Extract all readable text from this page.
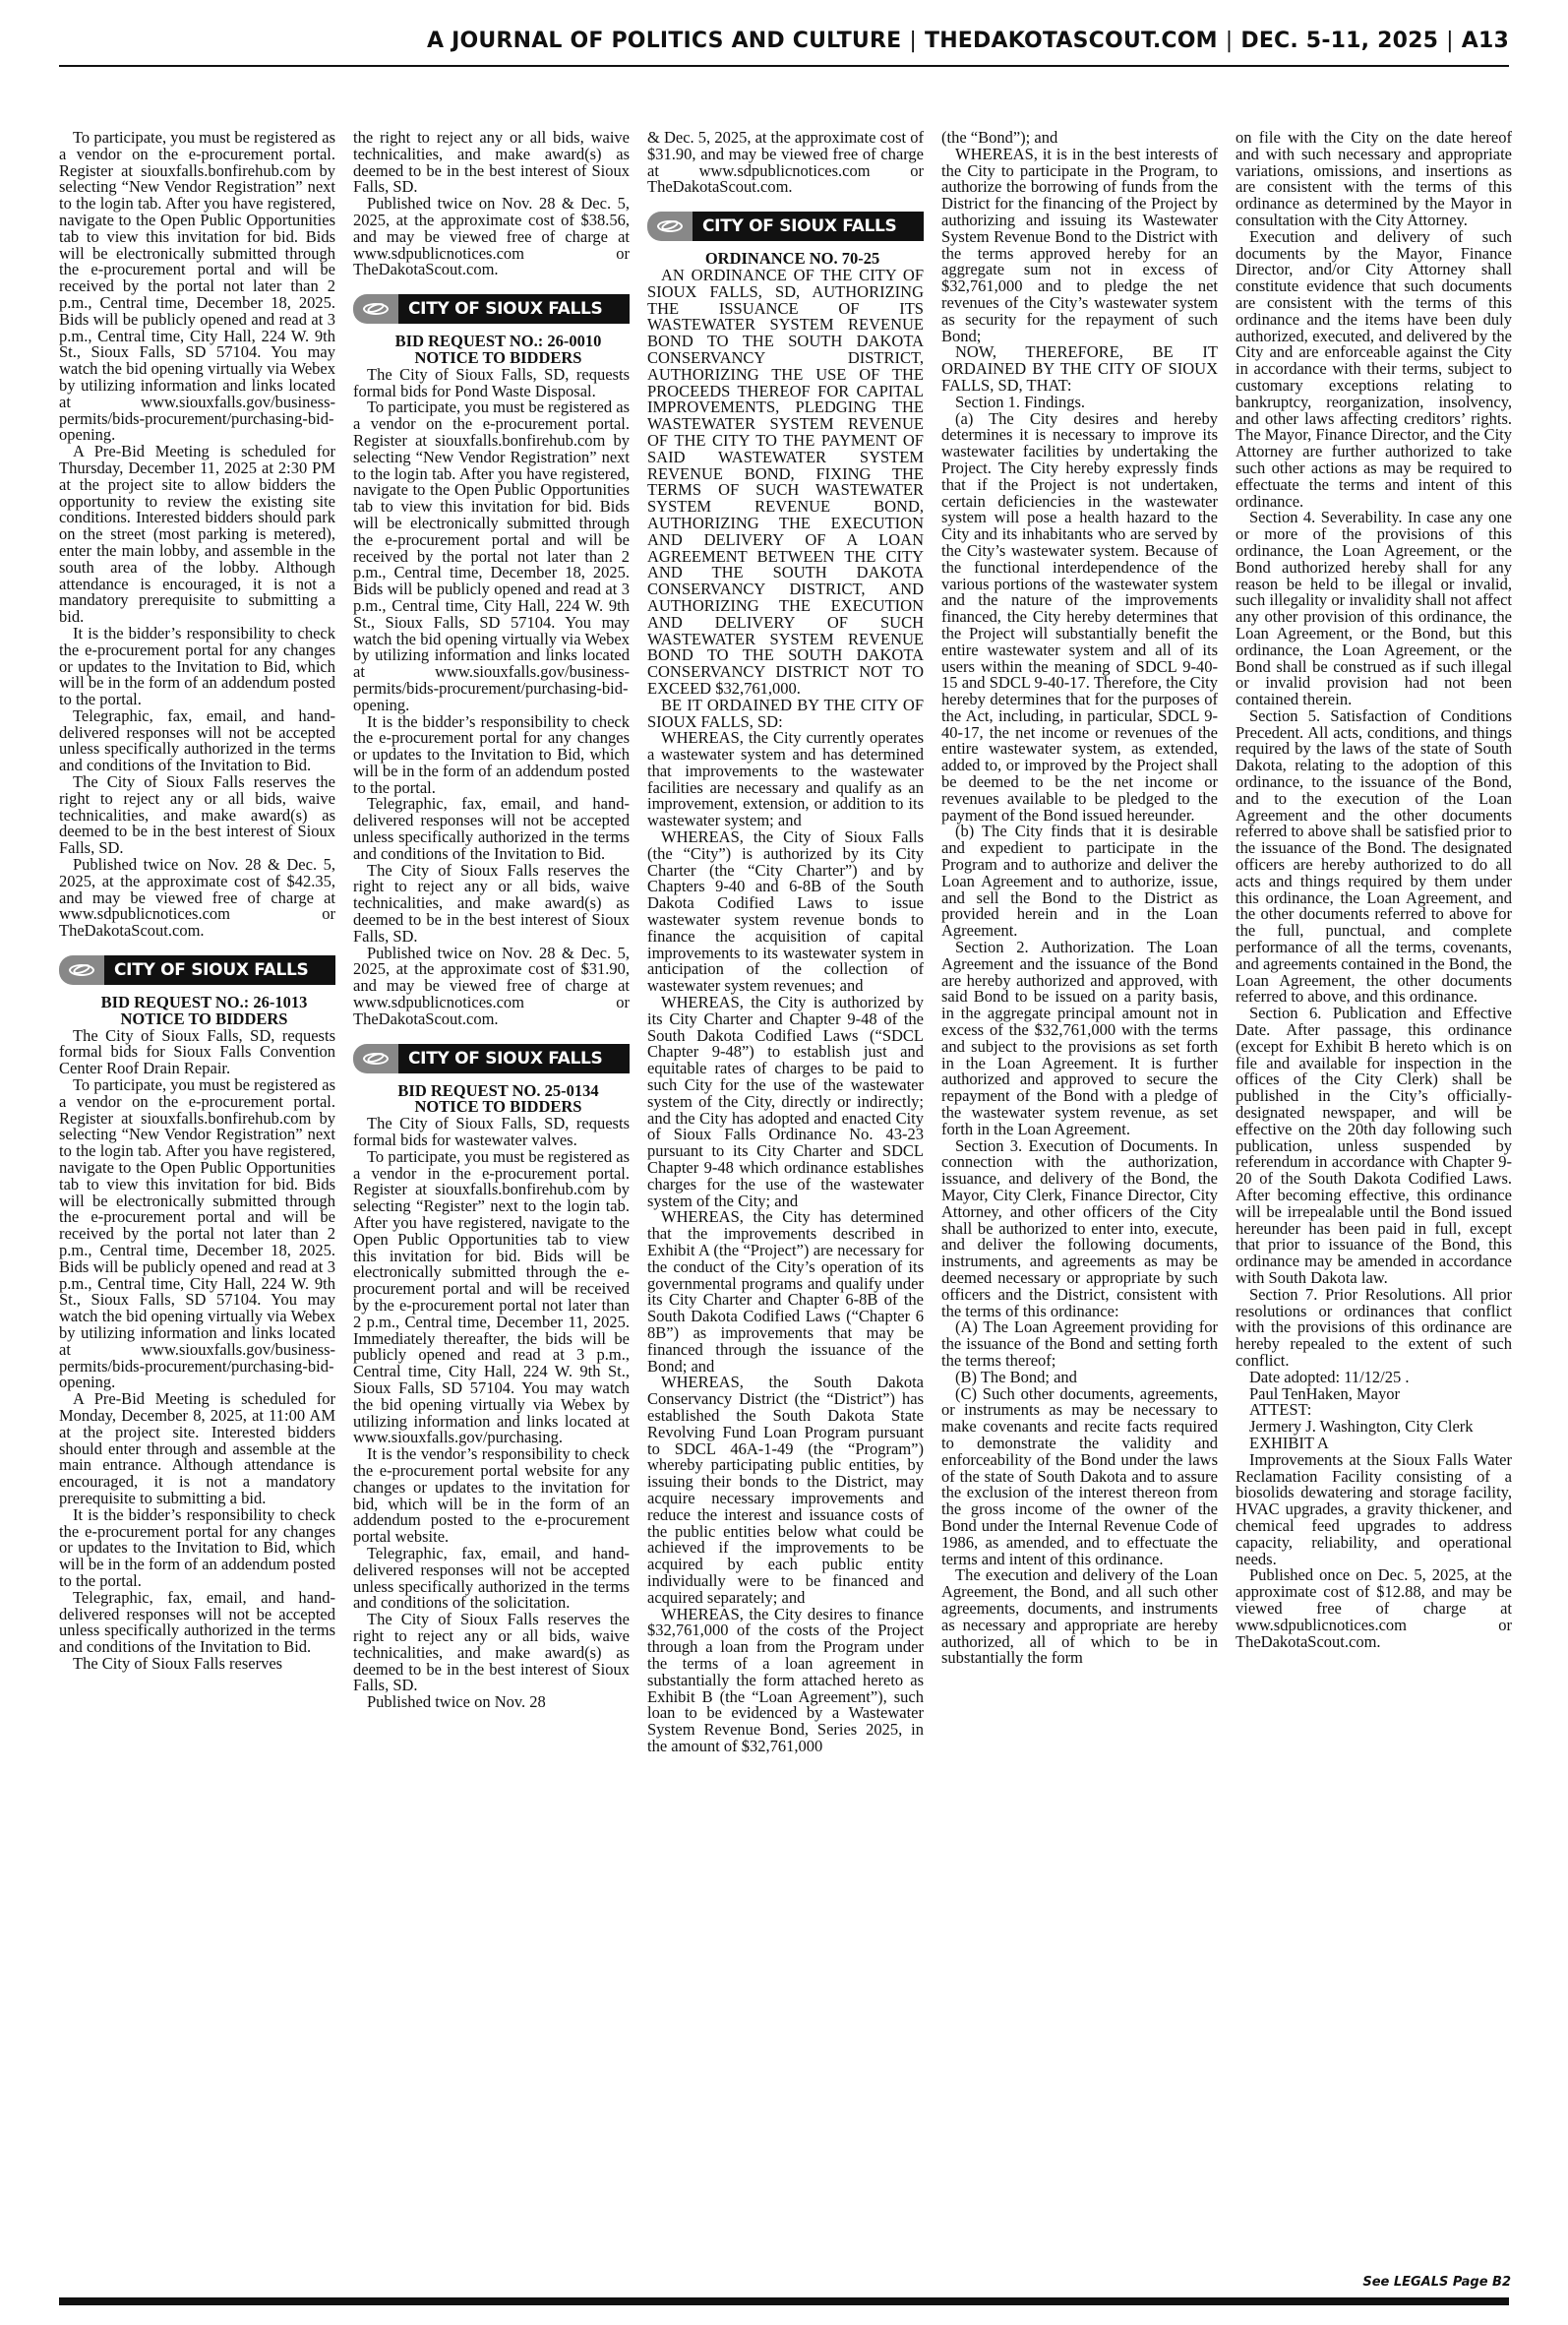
A JOURNAL OF POLITICS AND CULTURE | THEDAKOTASCOUT.COM | DEC. 5-11, 2025 | A13

To participate, you must be registered as a vendor on the e-procurement portal. Register at siouxfalls.bonfirehub.com by selecting “New Vendor Registration” next to the login tab. After you have registered, navigate to the Open Public Opportunities tab to view this invitation for bid. Bids will be electronically submitted through the e-procurement portal and will be received by the portal not later than 2 p.m., Central time, December 18, 2025. Bids will be publicly opened and read at 3 p.m., Central time, City Hall, 224 W. 9th St., Sioux Falls, SD 57104. You may watch the bid opening virtually via Webex by utilizing information and links located at www.siouxfalls.gov/business-permits/bids-procurement/purchasing-bid-opening.

A Pre-Bid Meeting is scheduled for Thursday, December 11, 2025 at 2:30 PM at the project site to allow bidders the opportunity to review the existing site conditions. Interested bidders should park on the street (most parking is metered), enter the main lobby, and assemble in the south area of the lobby. Although attendance is encouraged, it is not a mandatory prerequisite to submitting a bid.

It is the bidder’s responsibility to check the e-procurement portal for any changes or updates to the Invitation to Bid, which will be in the form of an addendum posted to the portal.

Telegraphic, fax, email, and hand-delivered responses will not be accepted unless specifically authorized in the terms and conditions of the Invitation to Bid.

The City of Sioux Falls reserves the right to reject any or all bids, waive technicalities, and make award(s) as deemed to be in the best interest of Sioux Falls, SD.

Published twice on Nov. 28 & Dec. 5, 2025, at the approximate cost of $42.35, and may be viewed free of charge at www.sdpublicnotices.com or TheDakotaScout.com.

CITY OF SIOUX FALLS

BID REQUEST NO.: 26-1013

NOTICE TO BIDDERS

The City of Sioux Falls, SD, requests formal bids for Sioux Falls Convention Center Roof Drain Repair.

To participate, you must be registered as a vendor on the e-procurement portal. Register at siouxfalls.bonfirehub.com by selecting “New Vendor Registration” next to the login tab. After you have registered, navigate to the Open Public Opportunities tab to view this invitation for bid. Bids will be electronically submitted through the e-procurement portal and will be received by the portal not later than 2 p.m., Central time, December 18, 2025. Bids will be publicly opened and read at 3 p.m., Central time, City Hall, 224 W. 9th St., Sioux Falls, SD 57104. You may watch the bid opening virtually via Webex by utilizing information and links located at www.siouxfalls.gov/business-permits/bids-procurement/purchasing-bid-opening.

A Pre-Bid Meeting is scheduled for Monday, December 8, 2025, at 11:00 AM at the project site. Interested bidders should enter through and assemble at the main entrance. Although attendance is encouraged, it is not a mandatory prerequisite to submitting a bid.

It is the bidder’s responsibility to check the e-procurement portal for any changes or updates to the Invitation to Bid, which will be in the form of an addendum posted to the portal.

Telegraphic, fax, email, and hand-delivered responses will not be accepted unless specifically authorized in the terms and conditions of the Invitation to Bid.

The City of Sioux Falls reserves

the right to reject any or all bids, waive technicalities, and make award(s) as deemed to be in the best interest of Sioux Falls, SD.

Published twice on Nov. 28 & Dec. 5, 2025, at the approximate cost of $38.56, and may be viewed free of charge at www.sdpublicnotices.com or TheDakotaScout.com.

CITY OF SIOUX FALLS

BID REQUEST NO.: 26-0010

NOTICE TO BIDDERS

The City of Sioux Falls, SD, requests formal bids for Pond Waste Disposal.

To participate, you must be registered as a vendor on the e-procurement portal. Register at siouxfalls.bonfirehub.com by selecting “New Vendor Registration” next to the login tab. After you have registered, navigate to the Open Public Opportunities tab to view this invitation for bid. Bids will be electronically submitted through the e-procurement portal and will be received by the portal not later than 2 p.m., Central time, December 18, 2025. Bids will be publicly opened and read at 3 p.m., Central time, City Hall, 224 W. 9th St., Sioux Falls, SD 57104. You may watch the bid opening virtually via Webex by utilizing information and links located at www.siouxfalls.gov/business-permits/bids-procurement/purchasing-bid-opening.

It is the bidder’s responsibility to check the e-procurement portal for any changes or updates to the Invitation to Bid, which will be in the form of an addendum posted to the portal.

Telegraphic, fax, email, and hand-delivered responses will not be accepted unless specifically authorized in the terms and conditions of the Invitation to Bid.

The City of Sioux Falls reserves the right to reject any or all bids, waive technicalities, and make award(s) as deemed to be in the best interest of Sioux Falls, SD.

Published twice on Nov. 28 & Dec. 5, 2025, at the approximate cost of $31.90, and may be viewed free of charge at www.sdpublicnotices.com or TheDakotaScout.com.

CITY OF SIOUX FALLS

BID REQUEST NO. 25-0134

NOTICE TO BIDDERS

The City of Sioux Falls, SD, requests formal bids for wastewater valves.

To participate, you must be registered as a vendor in the e-procurement portal. Register at siouxfalls.bonfirehub.com by selecting “Register” next to the login tab. After you have registered, navigate to the Open Public Opportunities tab to view this invitation for bid. Bids will be electronically submitted through the e-procurement portal and will be received by the e-procurement portal not later than 2 p.m., Central time, December 11, 2025. Immediately thereafter, the bids will be publicly opened and read at 3 p.m., Central time, City Hall, 224 W. 9th St., Sioux Falls, SD 57104. You may watch the bid opening virtually via Webex by utilizing information and links located at www.siouxfalls.gov/purchasing.

It is the vendor’s responsibility to check the e-procurement portal website for any changes or updates to the invitation for bid, which will be in the form of an addendum posted to the e-procurement portal website.

Telegraphic, fax, email, and hand-delivered responses will not be accepted unless specifically authorized in the terms and conditions of the solicitation.

The City of Sioux Falls reserves the right to reject any or all bids, waive technicalities, and make award(s) as deemed to be in the best interest of Sioux Falls, SD.

Published twice on Nov. 28

& Dec. 5, 2025, at the approximate cost of $31.90, and may be viewed free of charge at www.sdpublicnotices.com or TheDakotaScout.com.

CITY OF SIOUX FALLS

ORDINANCE NO. 70-25

AN ORDINANCE OF THE CITY OF SIOUX FALLS, SD, AUTHORIZING THE ISSUANCE OF ITS WASTEWATER SYSTEM REVENUE BOND TO THE SOUTH DAKOTA CONSERVANCY DISTRICT, AUTHORIZING THE USE OF THE PROCEEDS THEREOF FOR CAPITAL IMPROVEMENTS, PLEDGING THE WASTEWATER SYSTEM REVENUE OF THE CITY TO THE PAYMENT OF SAID WASTEWATER SYSTEM REVENUE BOND, FIXING THE TERMS OF SUCH WASTEWATER SYSTEM REVENUE BOND, AUTHORIZING THE EXECUTION AND DELIVERY OF A LOAN AGREEMENT BETWEEN THE CITY AND THE SOUTH DAKOTA CONSERVANCY DISTRICT, AND AUTHORIZING THE EXECUTION AND DELIVERY OF SUCH WASTEWATER SYSTEM REVENUE BOND TO THE SOUTH DAKOTA CONSERVANCY DISTRICT NOT TO EXCEED $32,761,000.

BE IT ORDAINED BY THE CITY OF SIOUX FALLS, SD:

WHEREAS, the City currently operates a wastewater system and has determined that improvements to the wastewater facilities are necessary and qualify as an improvement, extension, or addition to its wastewater system; and

WHEREAS, the City of Sioux Falls (the “City”) is authorized by its City Charter (the “City Charter”) and by Chapters 9-40 and 6-8B of the South Dakota Codified Laws to issue wastewater system revenue bonds to finance the acquisition of capital improvements to its wastewater system in anticipation of the collection of wastewater system revenues; and

WHEREAS, the City is authorized by its City Charter and Chapter 9-48 of the South Dakota Codified Laws (“SDCL Chapter 9-48”) to establish just and equitable rates of charges to be paid to such City for the use of the wastewater system of the City, directly or indirectly; and the City has adopted and enacted City of Sioux Falls Ordinance No. 43-23 pursuant to its City Charter and SDCL Chapter 9-48 which ordinance establishes charges for the use of the wastewater system of the City; and

WHEREAS, the City has determined that the improvements described in Exhibit A (the “Project”) are necessary for the conduct of the City’s operation of its governmental programs and qualify under its City Charter and Chapter 6-8B of the South Dakota Codified Laws (“Chapter 6 8B”) as improvements that may be financed through the issuance of the Bond; and

WHEREAS, the South Dakota Conservancy District (the “District”) has established the South Dakota State Revolving Fund Loan Program pursuant to SDCL 46A-1-49 (the “Program”) whereby participating public entities, by issuing their bonds to the District, may acquire necessary improvements and reduce the interest and issuance costs of the public entities below what could be achieved if the improvements to be acquired by each public entity individually were to be financed and acquired separately; and

WHEREAS, the City desires to finance $32,761,000 of the costs of the Project through a loan from the Program under the terms of a loan agreement in substantially the form attached hereto as Exhibit B (the “Loan Agreement”), such loan to be evidenced by a Wastewater System Revenue Bond, Series 2025, in the amount of $32,761,000

(the “Bond”); and

WHEREAS, it is in the best interests of the City to participate in the Program, to authorize the borrowing of funds from the District for the financing of the Project by authorizing and issuing its Wastewater System Revenue Bond to the District with the terms approved hereby for an aggregate sum not in excess of $32,761,000 and to pledge the net revenues of the City’s wastewater system as security for the repayment of such Bond;

NOW, THEREFORE, BE IT ORDAINED BY THE CITY OF SIOUX FALLS, SD, THAT:

Section 1. Findings.

(a) The City desires and hereby determines it is necessary to improve its wastewater facilities by undertaking the Project. The City hereby expressly finds that if the Project is not undertaken, certain deficiencies in the wastewater system will pose a health hazard to the City and its inhabitants who are served by the City’s wastewater system. Because of the functional interdependence of the various portions of the wastewater system and the nature of the improvements financed, the City hereby determines that the Project will substantially benefit the entire wastewater system and all of its users within the meaning of SDCL 9-40-15 and SDCL 9-40-17. Therefore, the City hereby determines that for the purposes of the Act, including, in particular, SDCL 9-40-17, the net income or revenues of the entire wastewater system, as extended, added to, or improved by the Project shall be deemed to be the net income or revenues available to be pledged to the payment of the Bond issued hereunder.

(b) The City finds that it is desirable and expedient to participate in the Program and to authorize and deliver the Loan Agreement and to authorize, issue, and sell the Bond to the District as provided herein and in the Loan Agreement.

Section 2. Authorization. The Loan Agreement and the issuance of the Bond are hereby authorized and approved, with said Bond to be issued on a parity basis, in the aggregate principal amount not in excess of the $32,761,000 with the terms and subject to the provisions as set forth in the Loan Agreement. It is further authorized and approved to secure the repayment of the Bond with a pledge of the wastewater system revenue, as set forth in the Loan Agreement.

Section 3. Execution of Documents. In connection with the authorization, issuance, and delivery of the Bond, the Mayor, City Clerk, Finance Director, City Attorney, and other officers of the City shall be authorized to enter into, execute, and deliver the following documents, instruments, and agreements as may be deemed necessary or appropriate by such officers and the District, consistent with the terms of this ordinance:

(A) The Loan Agreement providing for the issuance of the Bond and setting forth the terms thereof;

(B) The Bond; and

(C) Such other documents, agreements, or instruments as may be necessary to make covenants and recite facts required to demonstrate the validity and enforceability of the Bond under the laws of the state of South Dakota and to assure the exclusion of the interest thereon from the gross income of the owner of the Bond under the Internal Revenue Code of 1986, as amended, and to effectuate the terms and intent of this ordinance.

The execution and delivery of the Loan Agreement, the Bond, and all such other agreements, documents, and instruments as necessary and appropriate are hereby authorized, all of which to be in substantially the form

on file with the City on the date hereof and with such necessary and appropriate variations, omissions, and insertions as are consistent with the terms of this ordinance as determined by the Mayor in consultation with the City Attorney.

Execution and delivery of such documents by the Mayor, Finance Director, and/or City Attorney shall constitute evidence that such documents are consistent with the terms of this ordinance and the items have been duly authorized, executed, and delivered by the City and are enforceable against the City in accordance with their terms, subject to customary exceptions relating to bankruptcy, reorganization, insolvency, and other laws affecting creditors’ rights. The Mayor, Finance Director, and the City Attorney are further authorized to take such other actions as may be required to effectuate the terms and intent of this ordinance.

Section 4. Severability. In case any one or more of the provisions of this ordinance, the Loan Agreement, or the Bond authorized hereby shall for any reason be held to be illegal or invalid, such illegality or invalidity shall not affect any other provision of this ordinance, the Loan Agreement, or the Bond, but this ordinance, the Loan Agreement, or the Bond shall be construed as if such illegal or invalid provision had not been contained therein.

Section 5. Satisfaction of Conditions Precedent. All acts, conditions, and things required by the laws of the state of South Dakota, relating to the adoption of this ordinance, to the issuance of the Bond, and to the execution of the Loan Agreement and the other documents referred to above shall be satisfied prior to the issuance of the Bond. The designated officers are hereby authorized to do all acts and things required by them under this ordinance, the Loan Agreement, and the other documents referred to above for the full, punctual, and complete performance of all the terms, covenants, and agreements contained in the Bond, the Loan Agreement, the other documents referred to above, and this ordinance.

Section 6. Publication and Effective Date. After passage, this ordinance (except for Exhibit B hereto which is on file and available for inspection in the offices of the City Clerk) shall be published in the City’s officially-designated newspaper, and will be effective on the 20th day following such publication, unless suspended by referendum in accordance with Chapter 9-20 of the South Dakota Codified Laws. After becoming effective, this ordinance will be irrepealable until the Bond issued hereunder has been paid in full, except that prior to issuance of the Bond, this ordinance may be amended in accordance with South Dakota law.

Section 7. Prior Resolutions. All prior resolutions or ordinances that conflict with the provisions of this ordinance are hereby repealed to the extent of such conflict.

Date adopted: 11/12/25 .

Paul TenHaken, Mayor

ATTEST:

Jermery J. Washington, City Clerk

EXHIBIT A

Improvements at the Sioux Falls Water Reclamation Facility consisting of a biosolids dewatering and storage facility, HVAC upgrades, a gravity thickener, and chemical feed upgrades to address capacity, reliability, and operational needs.

Published once on Dec. 5, 2025, at the approximate cost of $12.88, and may be viewed free of charge at www.sdpublicnotices.com or TheDakotaScout.com.

See LEGALS Page B2
